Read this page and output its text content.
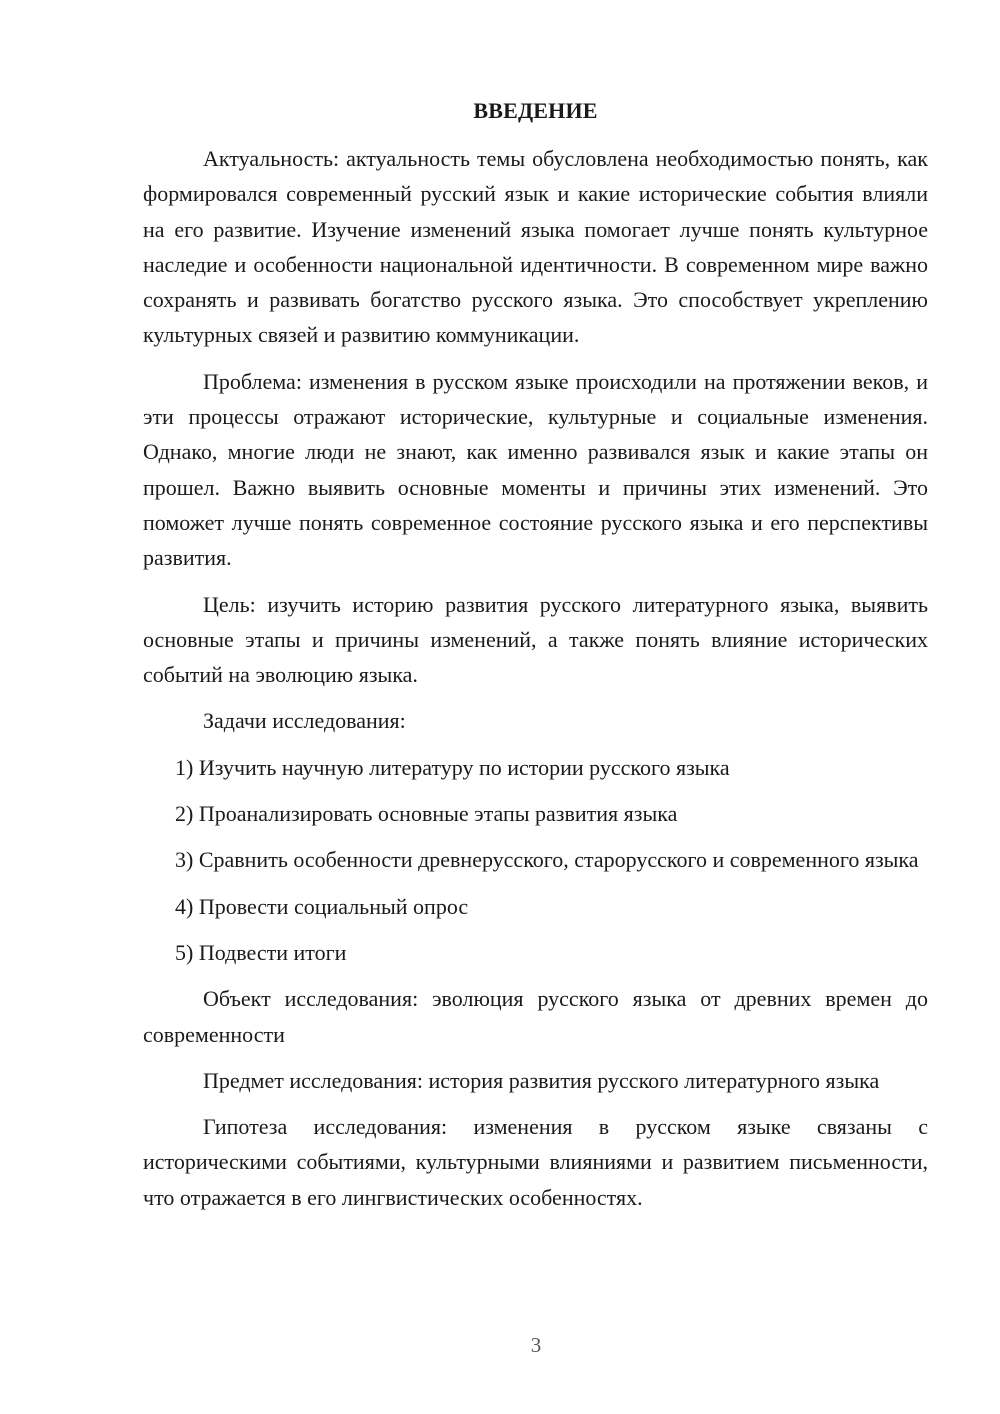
ВВЕДЕНИЕ

Актуальность: актуальность темы обусловлена необходимостью понять, как формировался современный русский язык и какие исторические события влияли на его развитие. Изучение изменений языка помогает лучше понять культурное наследие и особенности национальной идентичности. В современном мире важно сохранять и развивать богатство русского языка. Это способствует укреплению культурных связей и развитию коммуникации.

Проблема: изменения в русском языке происходили на протяжении веков, и эти процессы отражают исторические, культурные и социальные изменения. Однако, многие люди не знают, как именно развивался язык и какие этапы он прошел. Важно выявить основные моменты и причины этих изменений. Это поможет лучше понять современное состояние русского языка и его перспективы развития.

Цель: изучить историю развития русского литературного языка, выявить основные этапы и причины изменений, а также понять влияние исторических событий на эволюцию языка.

Задачи исследования:

1) Изучить научную литературу по истории русского языка

2) Проанализировать основные этапы развития языка

3) Сравнить особенности древнерусского, старорусского и современного языка

4) Провести социальный опрос

5) Подвести итоги

Объект исследования: эволюция русского языка от древних времен до современности

Предмет исследования: история развития русского литературного языка

Гипотеза исследования: изменения в русском языке связаны с историческими событиями, культурными влияниями и развитием письменности, что отражается в его лингвистических особенностях.

3
